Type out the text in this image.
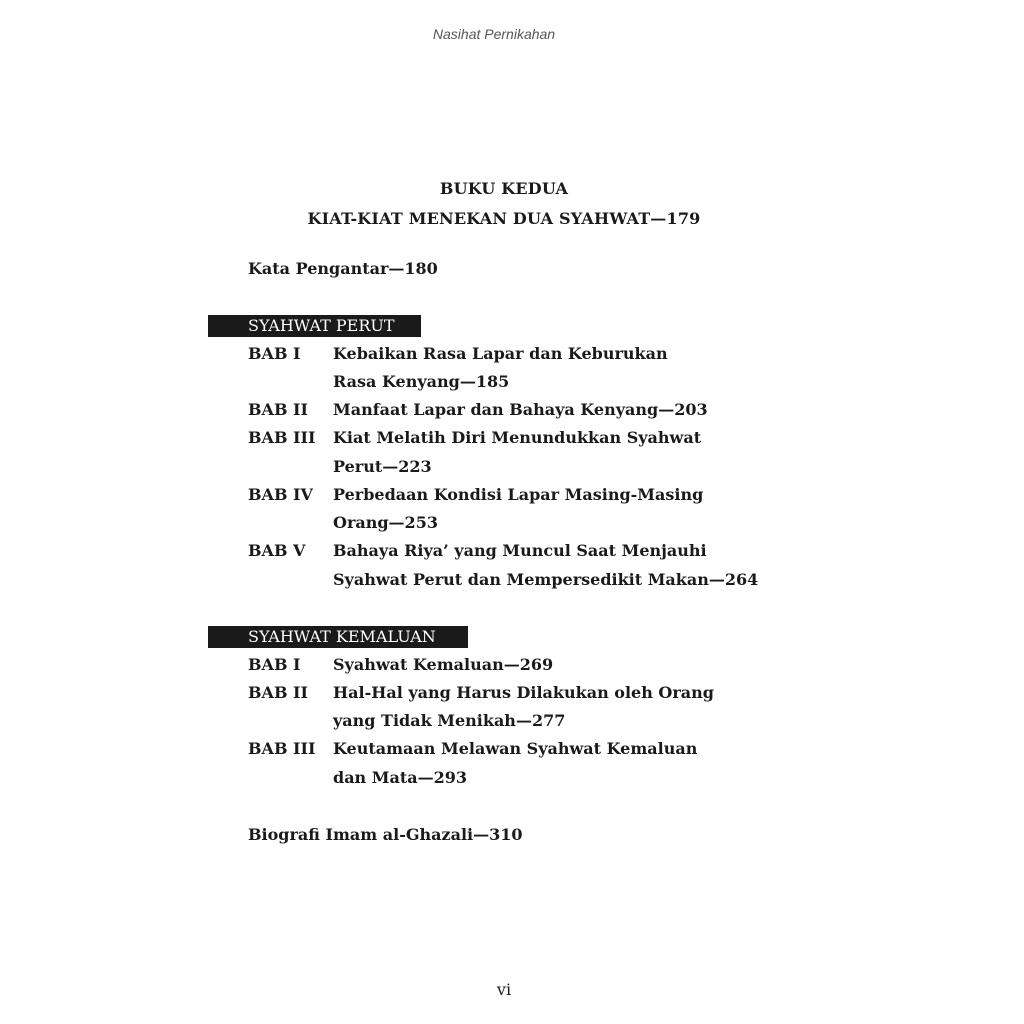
Nasihat Pernikahan
BUKU KEDUA
KIAT-KIAT MENEKAN DUA SYAHWAT—179
Kata Pengantar—180
SYAHWAT PERUT
BAB I Kebaikan Rasa Lapar dan Keburukan
Rasa Kenyang—185
BAB II Manfaat Lapar dan Bahaya Kenyang—203
BAB III Kiat Melatih Diri Menundukkan Syahwat
Perut—223
BAB IV Perbedaan Kondisi Lapar Masing-Masing
Orang—253
BAB V Bahaya Riya’ yang Muncul Saat Menjauhi
Syahwat Perut dan Mempersedikit Makan—264
SYAHWAT KEMALUAN
BAB I Syahwat Kemaluan—269
BAB II Hal-Hal yang Harus Dilakukan oleh Orang
yang Tidak Menikah—277
BAB III Keutamaan Melawan Syahwat Kemaluan
dan Mata—293
Biografi Imam al-Ghazali—310
vi
